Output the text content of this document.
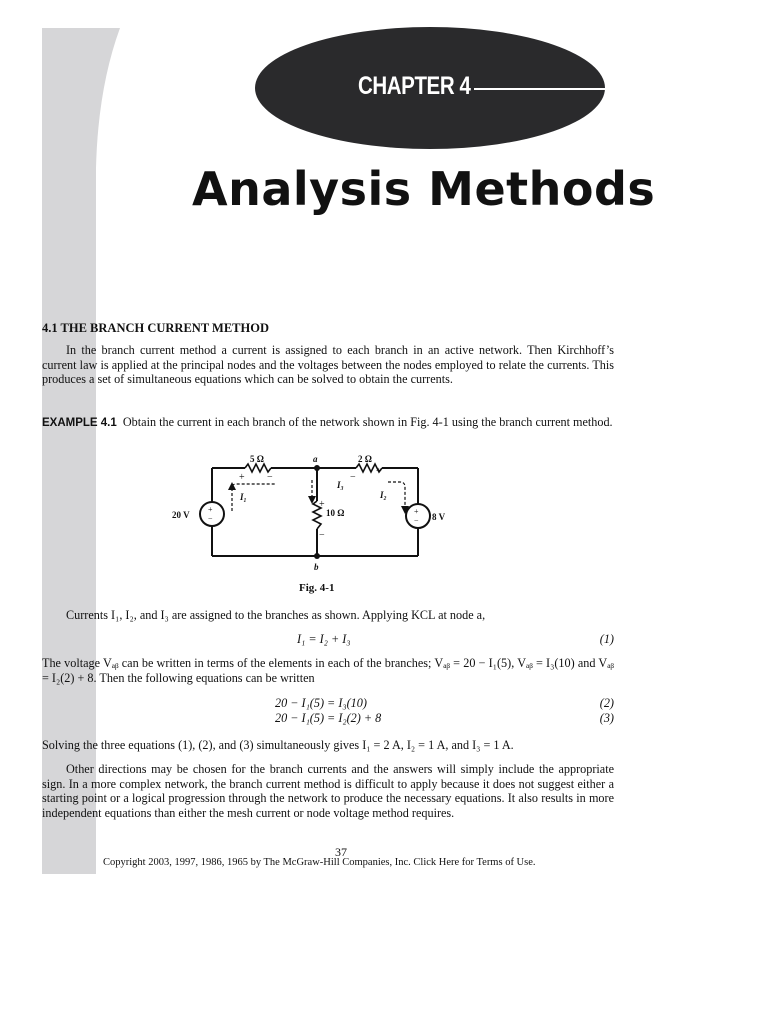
CHAPTER 4
Analysis Methods
4.1 THE BRANCH CURRENT METHOD
In the branch current method a current is assigned to each branch in an active network. Then Kirchhoff’s current law is applied at the principal nodes and the voltages between the nodes employed to relate the currents. This produces a set of simultaneous equations which can be solved to obtain the currents.
EXAMPLE 4.1 Obtain the current in each branch of the network shown in Fig. 4-1 using the branch current method.
5 Ω	2 Ω
10 Ω
20 V	8 V
a
b
I₁	I₂
I₃
+ −	−
+
+
−
+
−
+
−
Fig. 4-1
Currents I₁, I₂, and I₃ are assigned to the branches as shown. Applying KCL at node a,
I₁ = I₂ + I₃	(1)
The voltage Vₐᵦ can be written in terms of the elements in each of the branches; Vₐᵦ = 20 − I₁(5), Vₐᵦ = I₃(10) and Vₐᵦ = I₂(2) + 8. Then the following equations can be written
20 − I₁(5) = I₃(10)	(2)
20 − I₁(5) = I₂(2) + 8	(3)
Solving the three equations (1), (2), and (3) simultaneously gives I₁ = 2 A, I₂ = 1 A, and I₃ = 1 A.
Other directions may be chosen for the branch currents and the answers will simply include the appropriate sign. In a more complex network, the branch current method is difficult to apply because it does not suggest either a starting point or a logical progression through the network to produce the necessary equations. It also results in more independent equations than either the mesh current or node voltage method requires.
37
Copyright 2003, 1997, 1986, 1965 by The McGraw-Hill Companies, Inc. Click Here for Terms of Use.
